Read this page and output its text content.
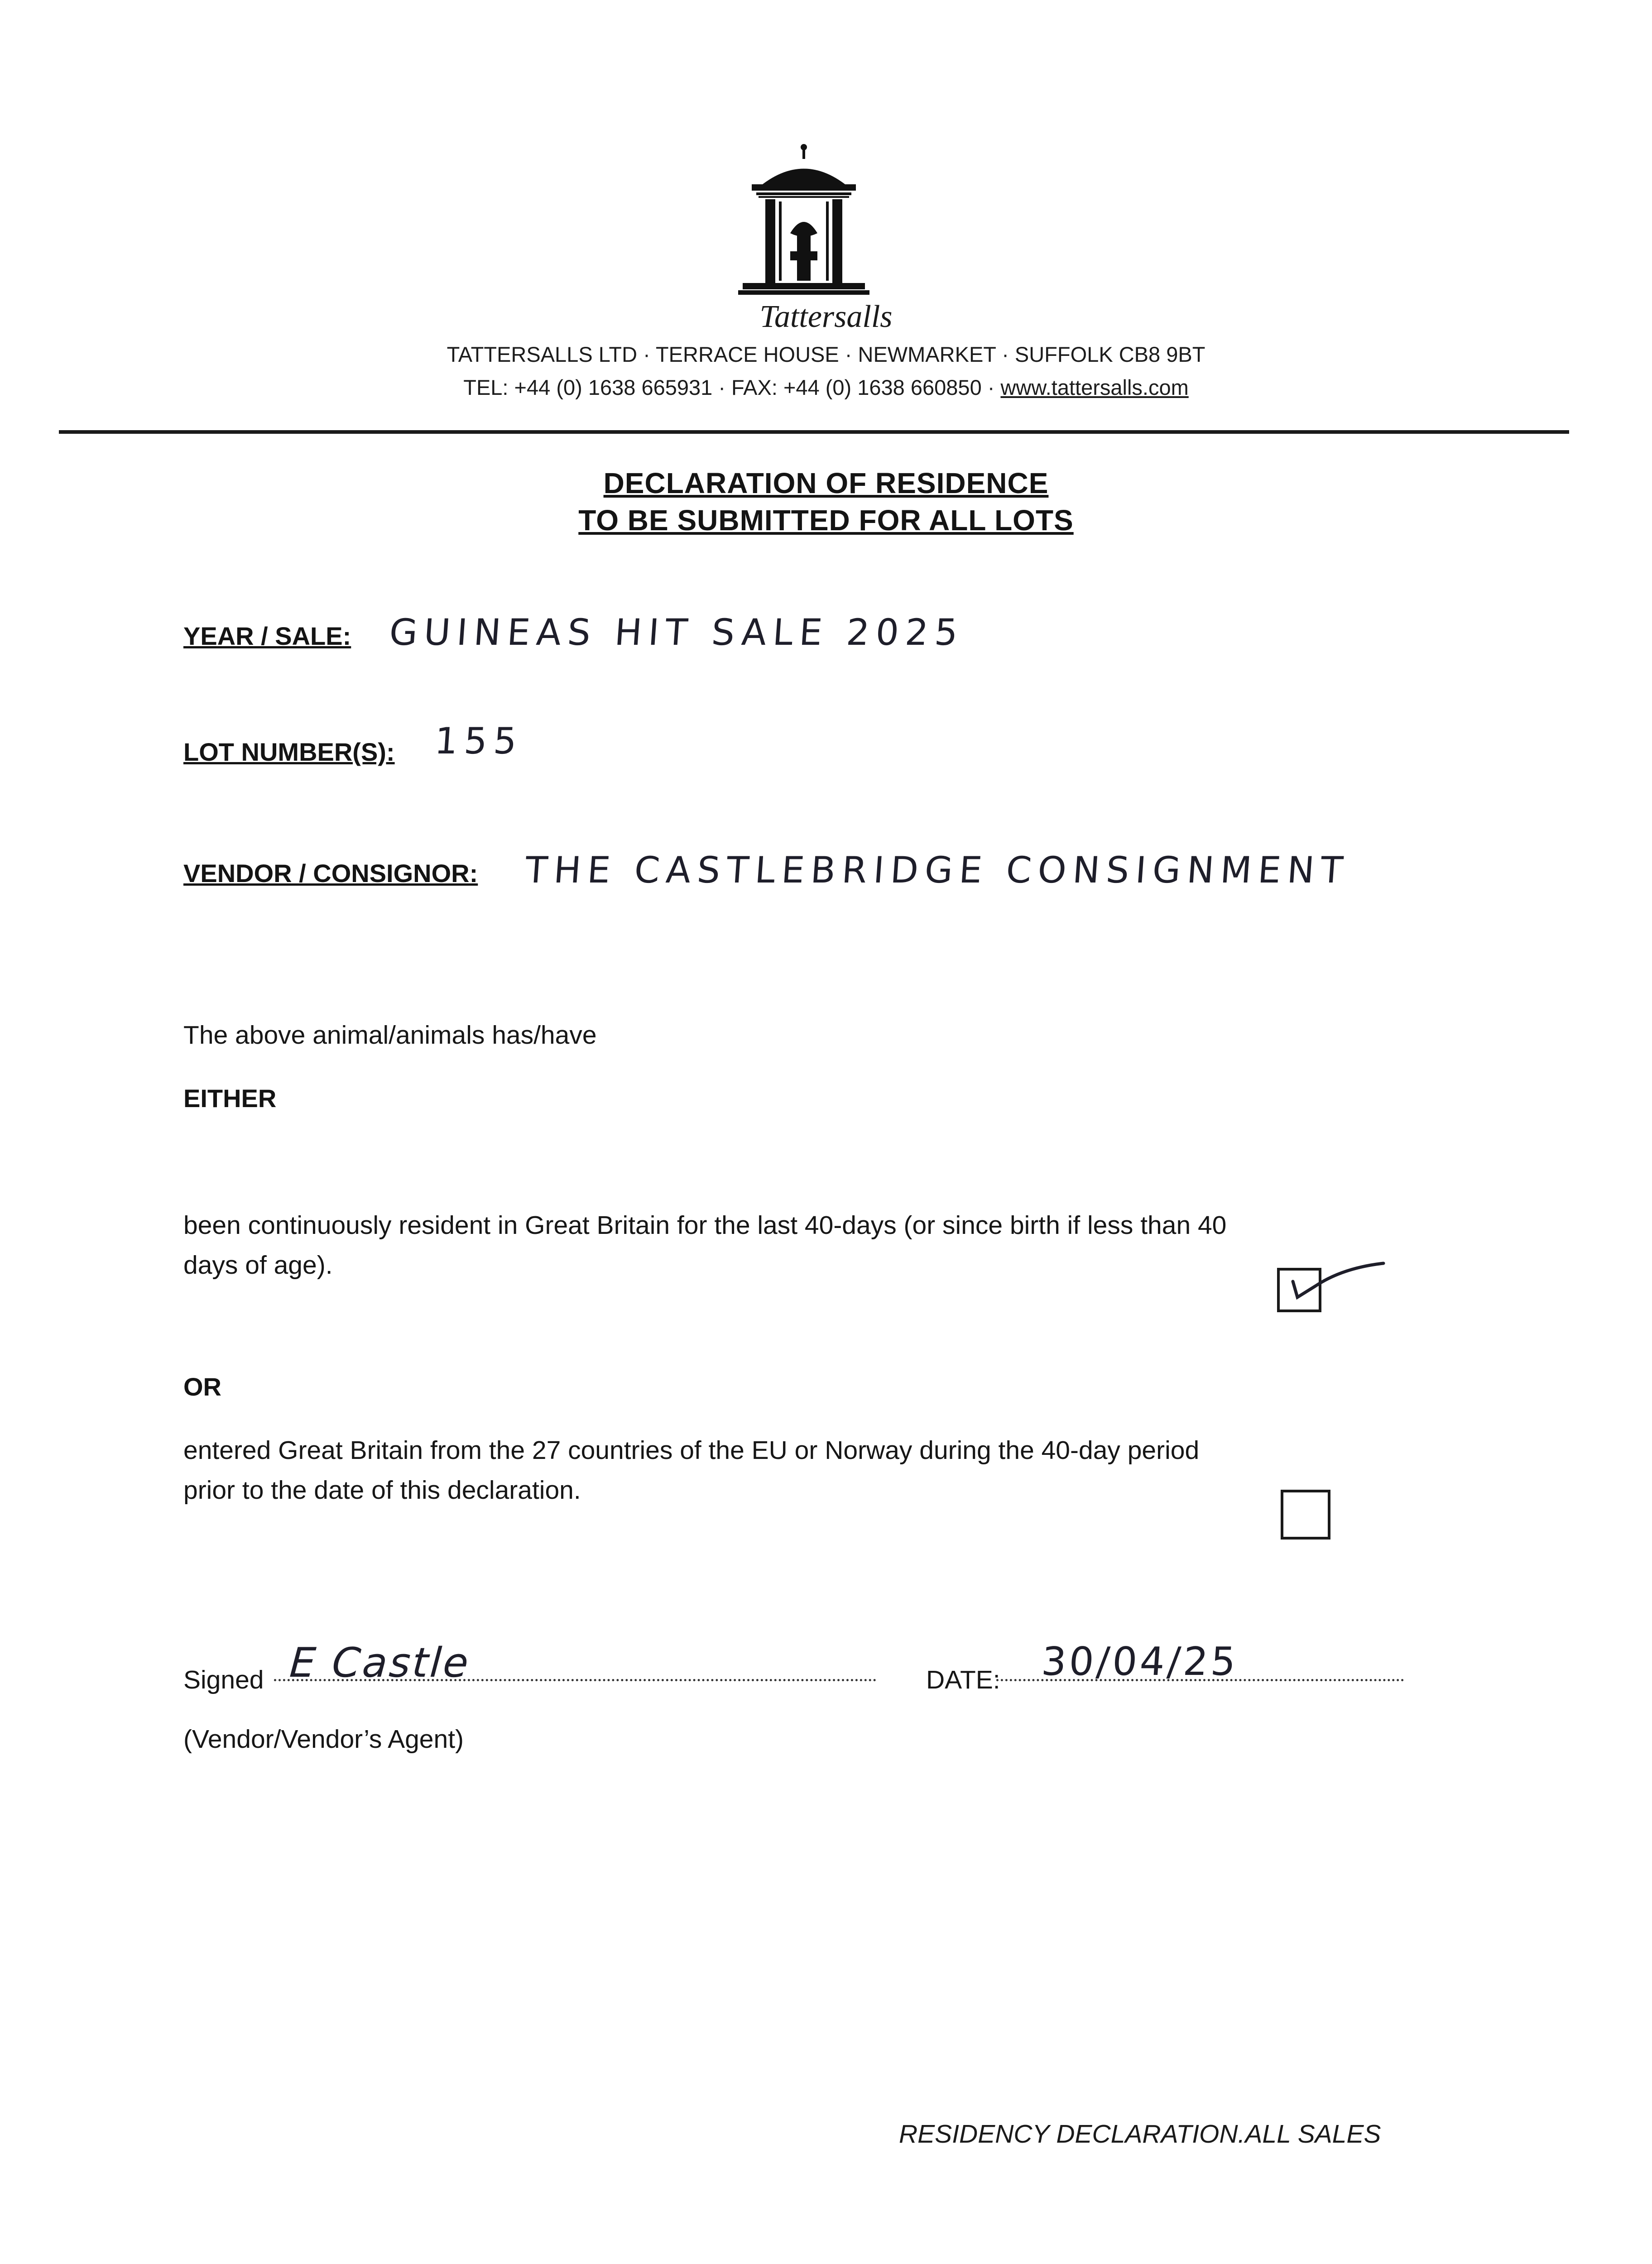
Tattersalls
TATTERSALLS LTD · TERRACE HOUSE · NEWMARKET · SUFFOLK CB8 9BT
TEL: +44 (0) 1638 665931 · FAX: +44 (0) 1638 660850 · www.tattersalls.com
DECLARATION OF RESIDENCE
TO BE SUBMITTED FOR ALL LOTS
YEAR / SALE: GUINEAS HIT SALE 2025
LOT NUMBER(S): 155
VENDOR / CONSIGNOR: THE CASTLEBRIDGE CONSIGNMENT
The above animal/animals has/have
EITHER
been continuously resident in Great Britain for the last 40-days (or since birth if less than 40
days of age).
OR
entered Great Britain from the 27 countries of the EU or Norway during the 40-day period
prior to the date of this declaration.
Signed E Castle	DATE: 30/04/25
(Vendor/Vendor’s Agent)
RESIDENCY DECLARATION.ALL SALES
